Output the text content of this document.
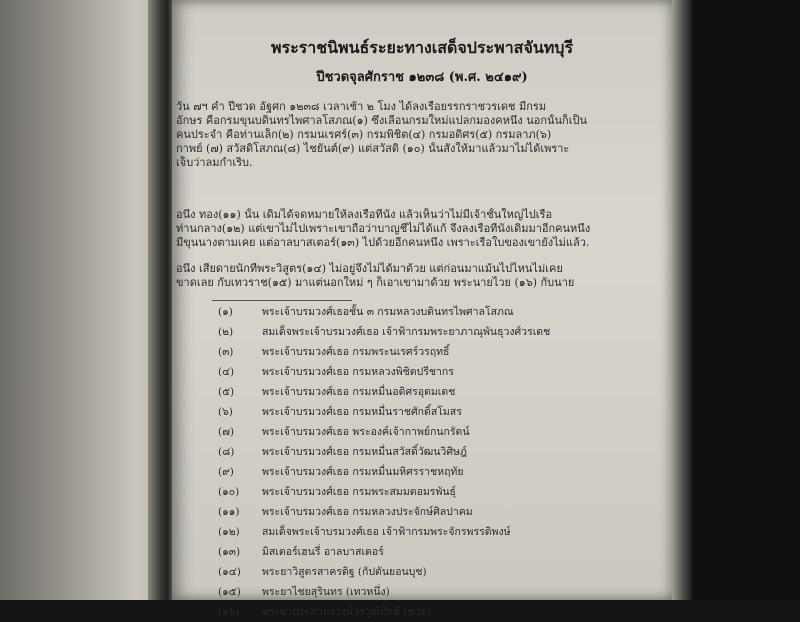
พระราชนิพนธ์ระยะทางเสด็จประพาสจันทบุรี
ปีชวดจุลศักราช ๑๒๓๘ (พ.ศ. ๒๔๑๙)
วัน ๗ฯ ค่ำ ปีชวด อัฐศก ๑๒๓๘ เวลาเช้า ๒ โมง ได้ลงเรือยรรกราชวรเดช มีกรม
อักษร คือกรมขุนบดินทรไพศาลโสภณ(๑) ซึ่งเลื่อนกรมใหม่แปลกมองคหนึ่ง นอกนั้นก็เป็น
คนประจำ คือท่านเล็ก(๒) กรมนเรศร์(๓) กรมพิชิต(๔) กรมอดิศร(๕) กรมลาภ(๖)
กาพย์ (๗) สวัสดิโสภณ(๘) ไชยันต์(๙) แต่สวัสดิ (๑๐) นั้นสั่งให้มาแล้วมาไม่ได้เพราะ
เจ็บว่าลมกำเริบ.
อนึ่ง ทอง(๑๑) นั้น เดิมได้จดหมายให้ลงเรือที่นั่ง แล้วเห็นว่าไม่มีเจ้าชั้นใหญ่ไปเรือ
ท่านกลาง(๑๒) แต่เขาไม่ไปเพราะเขาถือว่าบาญชีไม่ได้แก้ จึงลงเรือที่นั่งเดิมมาอีกคนหนึ่ง
มีขุนนางตามเคย แต่อาลบาสเตอร์(๑๓) ไปด้วยอีกคนหนึ่ง เพราะเรือใบของเขายังไม่แล้ว.
อนึ่ง เสียดายนักที่พระวิสูตร(๑๔) ไม่อยู่จึงไม่ได้มาด้วย แต่ก่อนมาแม้นไปไหนไม่เคย
ขาดเลย กับเทวราช(๑๕) มาแต่นอกใหม่ ๆ ก็เอาเขามาด้วย พระนายไวย (๑๖) กับนาย
(๑)	พระเจ้าบรมวงศ์เธอชั้น ๓ กรมหลวงบดินทรไพศาลโสภณ
(๒)	สมเด็จพระเจ้าบรมวงศ์เธอ เจ้าฟ้ากรมพระยาภาณุพันธุวงศ์วรเดช
(๓)	พระเจ้าบรมวงศ์เธอ กรมพระนเรศร์วรฤทธิ์
(๔)	พระเจ้าบรมวงศ์เธอ กรมหลวงพิชิตปรีชากร
(๕)	พระเจ้าบรมวงศ์เธอ กรมหมื่นอดิศรอุดมเดช
(๖)	พระเจ้าบรมวงศ์เธอ กรมหมื่นราชศักดิ์สโมสร
(๗)	พระเจ้าบรมวงศ์เธอ พระองค์เจ้ากาพย์กนกรัตน์
(๘)	พระเจ้าบรมวงศ์เธอ กรมหมื่นสวัสดิ์วัฒนวิศิษฎ์
(๙)	พระเจ้าบรมวงศ์เธอ กรมหมื่นมหิศรราชหฤทัย
(๑๐) พระเจ้าบรมวงศ์เธอ กรมพระสมมตอมรพันธุ์
(๑๑) พระเจ้าบรมวงศ์เธอ กรมหลวงประจักษ์ศิลปาคม
(๑๒) สมเด็จพระเจ้าบรมวงศ์เธอ เจ้าฟ้ากรมพระจักรพรรดิพงษ์
(๑๓) มิสเตอร์เฮนรี่ อาลบาสเตอร์
(๑๔) พระยาวิสูตรสาครดิฐ (กัปตันยอนบุช)
(๑๕) พระยาไชยสุรินทร (เทวหนึ่ง)
(๑๖) พระยาประภากรวงษ์วรวุฒิภักดี (ชาย)
